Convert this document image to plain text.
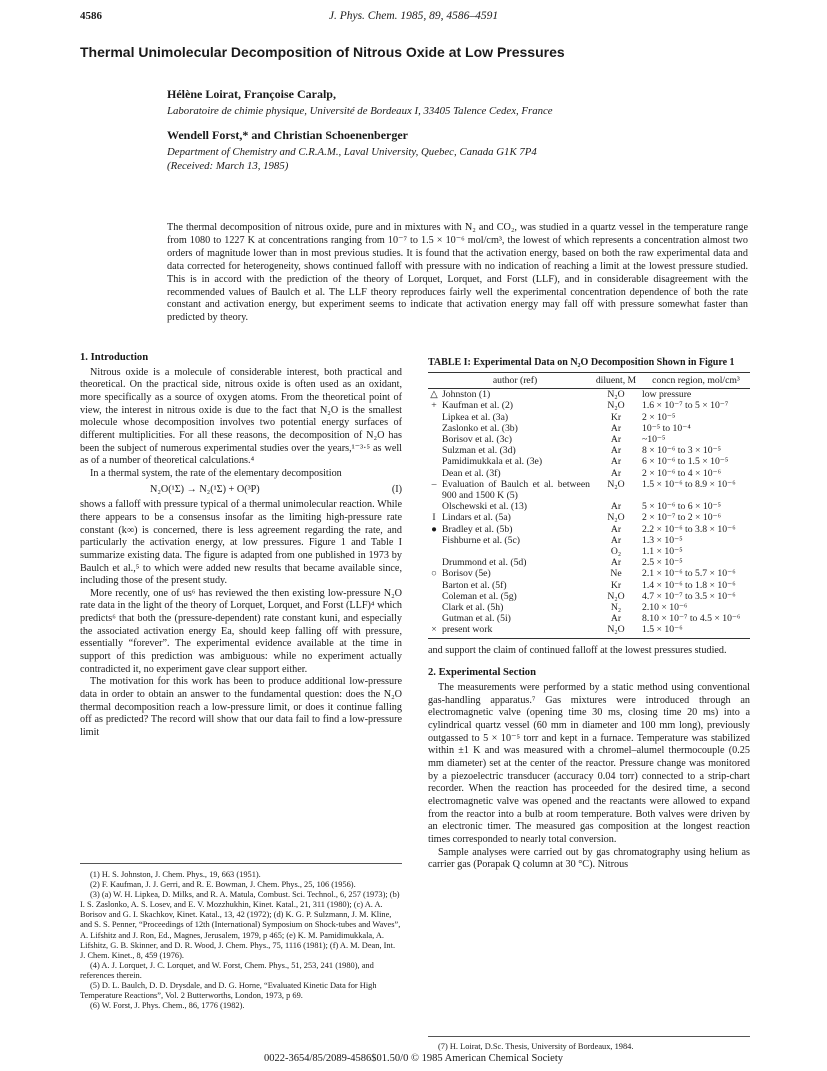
4586	J. Phys. Chem. 1985, 89, 4586–4591
Thermal Unimolecular Decomposition of Nitrous Oxide at Low Pressures
Hélène Loirat, Françoise Caralp,
Laboratoire de chimie physique, Université de Bordeaux I, 33405 Talence Cedex, France
Wendell Forst,* and Christian Schoenenberger
Department of Chemistry and C.R.A.M., Laval University, Quebec, Canada G1K 7P4
(Received: March 13, 1985)
The thermal decomposition of nitrous oxide, pure and in mixtures with N₂ and CO₂, was studied in a quartz vessel in the temperature range from 1080 to 1227 K at concentrations ranging from 10⁻⁷ to 1.5 × 10⁻⁶ mol/cm³, the lowest of which represents a concentration almost two orders of magnitude lower than in most previous studies. It is found that the activation energy, based on both the raw experimental data and data corrected for heterogeneity, shows continued falloff with pressure with no indication of reaching a limit at the lowest pressure studied. This is in accord with the prediction of the theory of Lorquet, Lorquet, and Forst (LLF), and in considerable disagreement with the recommended values of Baulch et al. The LLF theory reproduces fairly well the experimental concentration dependence of both the rate constant and activation energy, but experiment seems to indicate that activation energy may fall off with pressure somewhat faster than predicted by theory.

1. Introduction

Nitrous oxide is a molecule of considerable interest, both practical and theoretical. On the practical side, nitrous oxide is often used as an oxidant, more specifically as a source of oxygen atoms. From the theoretical point of view, the interest in nitrous oxide is due to the fact that N₂O is the smallest molecule whose decomposition involves two potential energy surfaces of different multiplicities. For all these reasons, the decomposition of N₂O has been the subject of numerous experimental studies over the years,¹⁻³·⁵ as well as of a number of theoretical calculations.⁴

In a thermal system, the rate of the elementary decomposition

N₂O(¹Σ) → N₂(¹Σ) + O(³P)	(I)

shows a falloff with pressure typical of a thermal unimolecular reaction. While there appears to be a consensus insofar as the limiting high-pressure rate constant (k∞) is concerned, there is less agreement regarding the rate, and particularly the activation energy, at low pressures. Figure 1 and Table I summarize existing data. The figure is adapted from one published in 1973 by Baulch et al.,⁵ to which were added new results that became available since, including those of the present study.

More recently, one of us⁶ has reviewed the then existing low-pressure N₂O rate data in the light of the theory of Lorquet, Lorquet, and Forst (LLF)⁴ which predicts⁶ that both the (pressure-dependent) rate constant kuni, and especially the associated activation energy Ea, should keep falling off with pressure, essentially “forever”. The experimental evidence available at the time in support of this prediction was ambiguous: while no experiment actually contradicted it, no experiment gave clear support either.

The motivation for this work has been to produce additional low-pressure data in order to obtain an answer to the fundamental question: does the N₂O thermal decomposition reach a low-pressure limit, or does it continue falling off as predicted? The record will show that our data fail to find a low-pressure limit

(1) H. S. Johnston, J. Chem. Phys., 19, 663 (1951).
(2) F. Kaufman, J. J. Gerri, and R. E. Bowman, J. Chem. Phys., 25, 106 (1956).
(3) (a) W. H. Lipkea, D. Milks, and R. A. Matula, Combust. Sci. Technol., 6, 257 (1973); (b) I. S. Zaslonko, A. S. Losev, and E. V. Mozzhukhin, Kinet. Katal., 21, 311 (1980); (c) A. A. Borisov and G. I. Skachkov, Kinet. Katal., 13, 42 (1972); (d) K. G. P. Sulzmann, J. M. Kline, and S. S. Penner, “Proceedings of 12th (International) Symposium on Shock-tubes and Waves”, A. Lifshitz and J. Ron, Ed., Magnes, Jerusalem, 1979, p 465; (e) K. M. Pamidimukkala, A. Lifshitz, G. B. Skinner, and D. R. Wood, J. Chem. Phys., 75, 1116 (1981); (f) A. M. Dean, Int. J. Chem. Kinet., 8, 459 (1976).
(4) A. J. Lorquet, J. C. Lorquet, and W. Forst, Chem. Phys., 51, 253, 241 (1980), and references therein.
(5) D. L. Baulch, D. D. Drysdale, and D. G. Horne, “Evaluated Kinetic Data for High Temperature Reactions”, Vol. 2 Butterworths, London, 1973, p 69.
(6) W. Forst, J. Phys. Chem., 86, 1776 (1982).
TABLE I: Experimental Data on N₂O Decomposition Shown in Figure 1
	author (ref)	diluent, M	concn region, mol/cm³
△	Johnston (1)	N₂O	low pressure
+	Kaufman et al. (2)	N₂O	1.6 × 10⁻⁷ to 5 × 10⁻⁷
	Lipkea et al. (3a)	Kr	2 × 10⁻⁵
	Zaslonko et al. (3b)	Ar	10⁻⁵ to 10⁻⁴
	Borisov et al. (3c)	Ar	~10⁻⁵
	Sulzman et al. (3d)	Ar	8 × 10⁻⁶ to 3 × 10⁻⁵
	Pamidimukkala et al. (3e)	Ar	6 × 10⁻⁶ to 1.5 × 10⁻⁵
	Dean et al. (3f)	Ar	2 × 10⁻⁶ to 4 × 10⁻⁶
–	Evaluation of Baulch et al. between 900 and 1500 K (5)	N₂O	1.5 × 10⁻⁶ to 8.9 × 10⁻⁶
	Olschewski et al. (13)	Ar	5 × 10⁻⁶ to 6 × 10⁻⁵
I	Lindars et al. (5a)	N₂O	2 × 10⁻⁷ to 2 × 10⁻⁶
●	Bradley et al. (5b)	Ar	2.2 × 10⁻⁶ to 3.8 × 10⁻⁶
	Fishburne et al. (5c)	Ar	1.3 × 10⁻⁵
		O₂	1.1 × 10⁻⁵
	Drummond et al. (5d)	Ar	2.5 × 10⁻⁵
○	Borisov (5e)	Ne	2.1 × 10⁻⁶ to 5.7 × 10⁻⁶
	Barton et al. (5f)	Kr	1.4 × 10⁻⁶ to 1.8 × 10⁻⁶
	Coleman et al. (5g)	N₂O	4.7 × 10⁻⁷ to 3.5 × 10⁻⁶
	Clark et al. (5h)	N₂	2.10 × 10⁻⁶
	Gutman et al. (5i)	Ar	8.10 × 10⁻⁷ to 4.5 × 10⁻⁶
×	present work	N₂O	1.5 × 10⁻⁶

and support the claim of continued falloff at the lowest pressures studied.

2. Experimental Section

The measurements were performed by a static method using conventional gas-handling apparatus.⁷ Gas mixtures were introduced through an electromagnetic valve (opening time 30 ms, closing time 20 ms) into a cylindrical quartz vessel (60 mm in diameter and 100 mm long), previously outgassed to 5 × 10⁻⁵ torr and kept in a furnace. Temperature was stabilized within ±1 K and was measured with a chromel–alumel thermocouple (0.25 mm diameter) set at the center of the reactor. Pressure change was monitored by a piezoelectric transducer (accuracy 0.04 torr) connected to a strip-chart recorder. When the reaction has proceeded for the desired time, a second electromagnetic valve was opened and the reactants were allowed to expand from the reactor into a bulb at room temperature. Both valves were driven by an electronic timer. The measured gas composition at the longest reaction times corresponded to nearly total conversion.

Sample analyses were carried out by gas chromatography using helium as carrier gas (Porapak Q column at 30 °C). Nitrous

(7) H. Loirat, D.Sc. Thesis, University of Bordeaux, 1984.
0022-3654/85/2089-4586$01.50/0 © 1985 American Chemical Society
